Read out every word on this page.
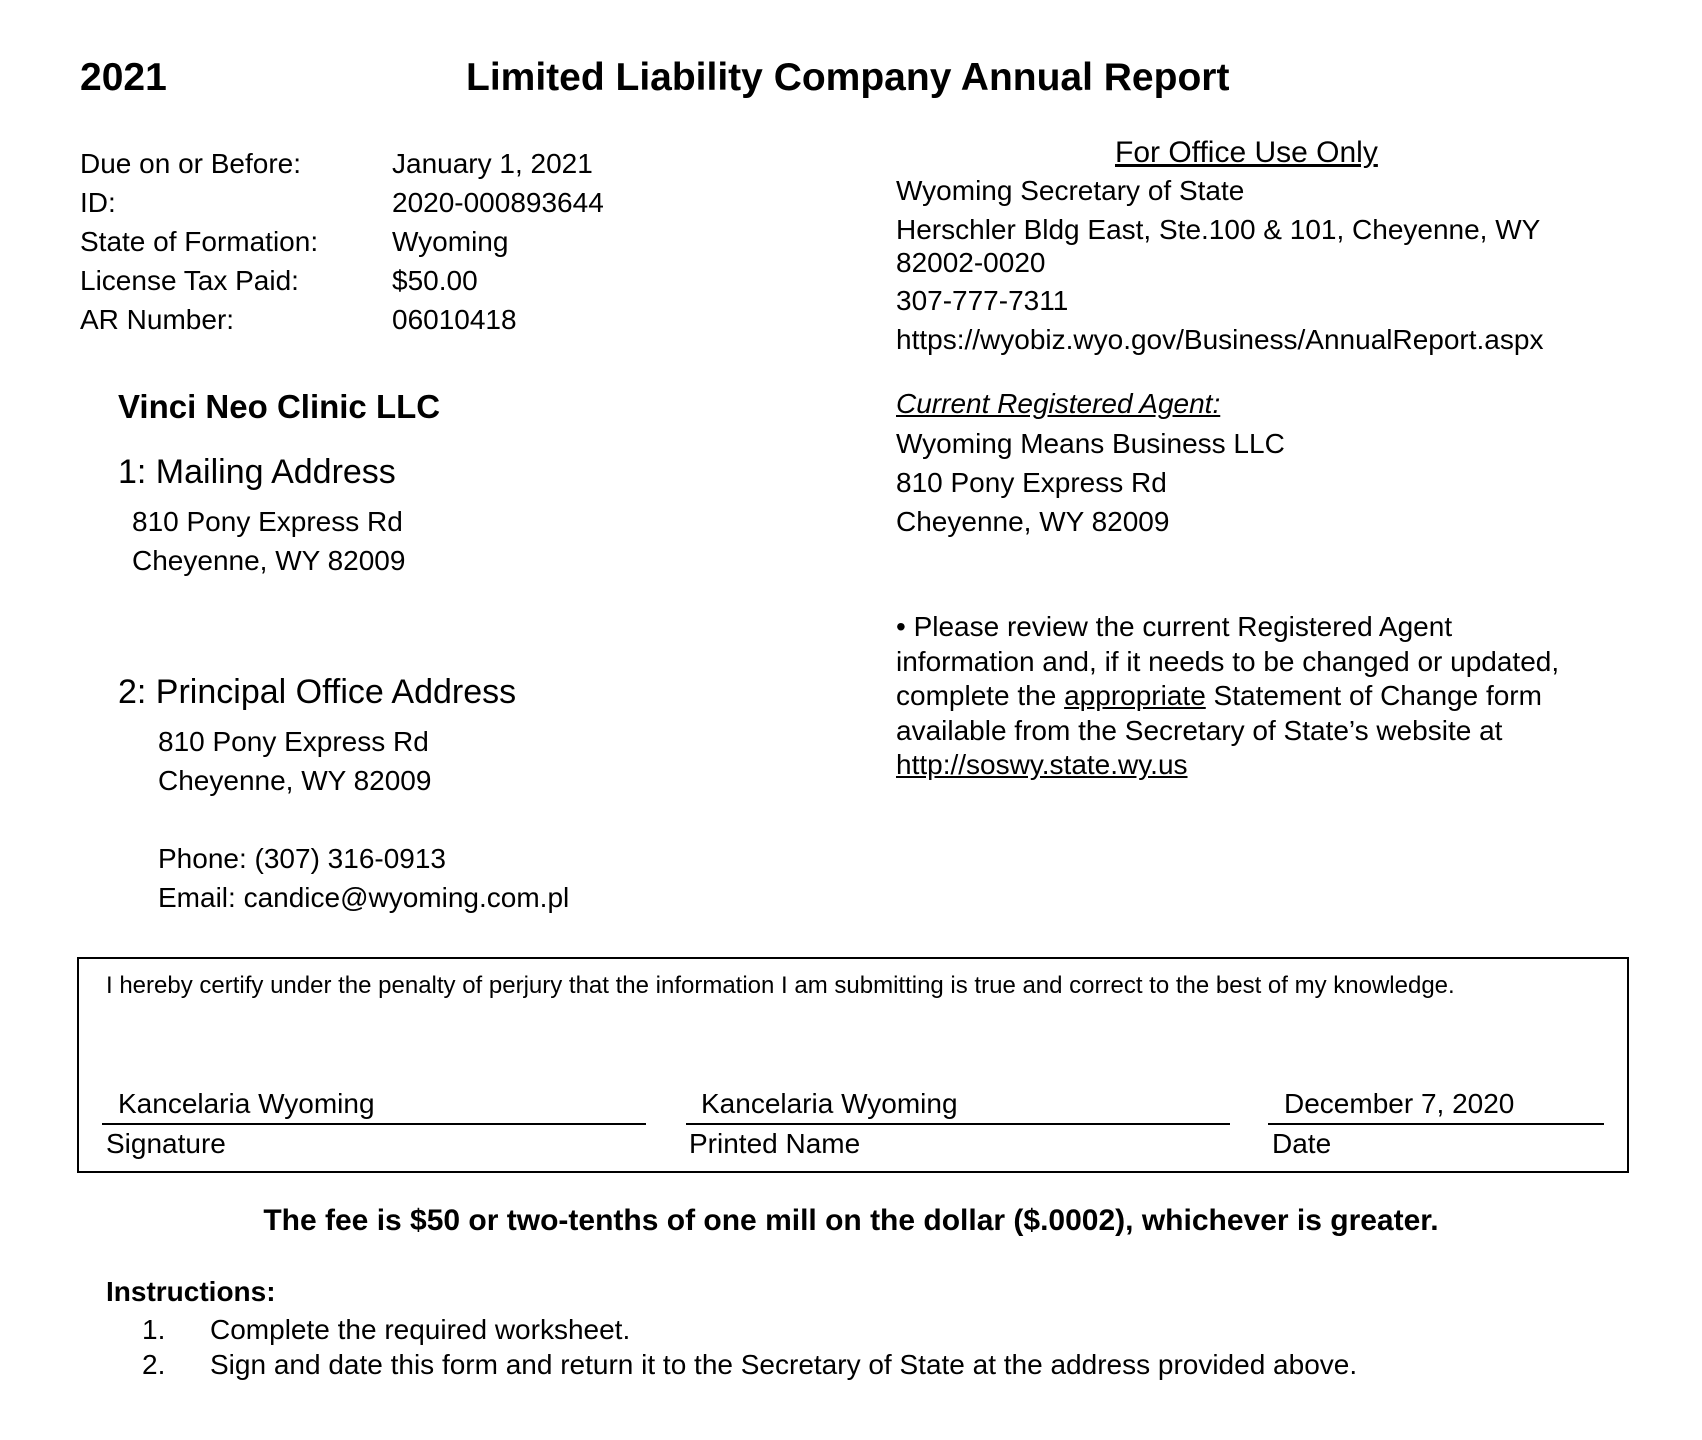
2021	Limited Liability Company Annual Report
Due on or Before:	January 1, 2021
ID:	2020-000893644
State of Formation:	Wyoming
License Tax Paid:	$50.00
AR Number:	06010418
For Office Use Only
Wyoming Secretary of State
Herschler Bldg East, Ste.100 & 101, Cheyenne, WY
82002-0020
307-777-7311
https://wyobiz.wyo.gov/Business/AnnualReport.aspx
Vinci Neo Clinic LLC
1: Mailing Address
810 Pony Express Rd
Cheyenne, WY 82009
2: Principal Office Address
810 Pony Express Rd
Cheyenne, WY 82009
Phone: (307) 316-0913
Email: candice@wyoming.com.pl
Current Registered Agent:
Wyoming Means Business LLC
810 Pony Express Rd
Cheyenne, WY 82009
• Please review the current Registered Agent information and, if it needs to be changed or updated, complete the appropriate Statement of Change form available from the Secretary of State’s website at http://soswy.state.wy.us
I hereby certify under the penalty of perjury that the information I am submitting is true and correct to the best of my knowledge.
Kancelaria Wyoming
Signature
Kancelaria Wyoming
Printed Name
December 7, 2020
Date
The fee is $50 or two-tenths of one mill on the dollar ($.0002), whichever is greater.
Instructions:
1. Complete the required worksheet.
2. Sign and date this form and return it to the Secretary of State at the address provided above.
